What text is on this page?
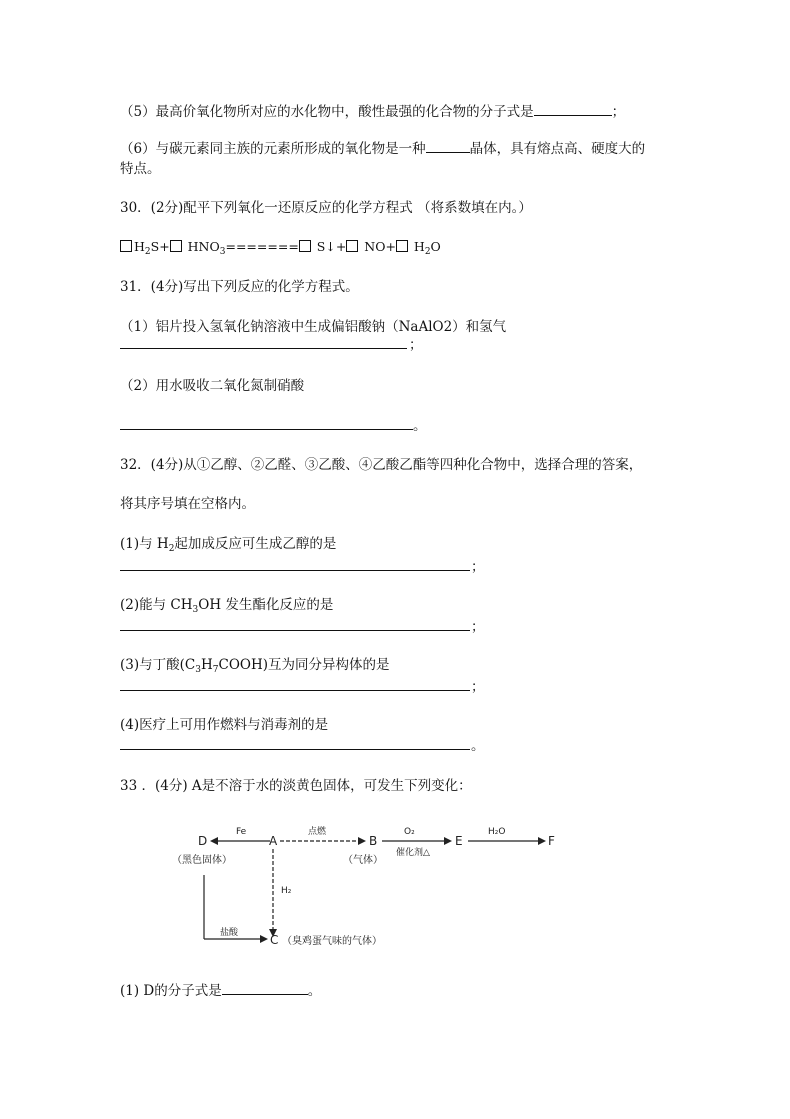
（5）最高价氧化物所对应的水化物中，酸性最强的化合物的分子式是	；
（6）与碳元素同主族的元素所形成的氧化物是一种	晶体，具有熔点高、硬度大的
特点。
30．(2分)配平下列氧化一还原反应的化学方程式 （将系数填在内。）
$H_2S+ HNO_3=======$ S↓+ $NO+ H_2O$
31．(4分)写出下列反应的化学方程式。
（1）铝片投入氢氧化钠溶液中生成偏铝酸钠（NaAlO2）和氢气
；
（2）用水吸收二氧化氮制硝酸
。
32．(4分)从①乙醇、②乙醛、③乙酸、④乙酸乙酯等四种化合物中，选择合理的答案，
将其序号填在空格内。
(1)与 $H_2$起加成反应可生成乙醇的是
；
(2)能与 $CH_3OH$ 发生酯化反应的是
；
(3)与丁酸$(C_3H_7COOH)$互为同分异构体的是
；
(4)医疗上可用作燃料与消毒剂的是
。
33 ．(4分) A是不溶于水的淡黄色固体，可发生下列变化：
D	A	B	E	F
C
Fe	点燃	O₂	H₂O
（黑色固体）	（气体）
催化剂△
H₂
盐酸
（臭鸡蛋气味的气体）
(1) D的分子式是	。
